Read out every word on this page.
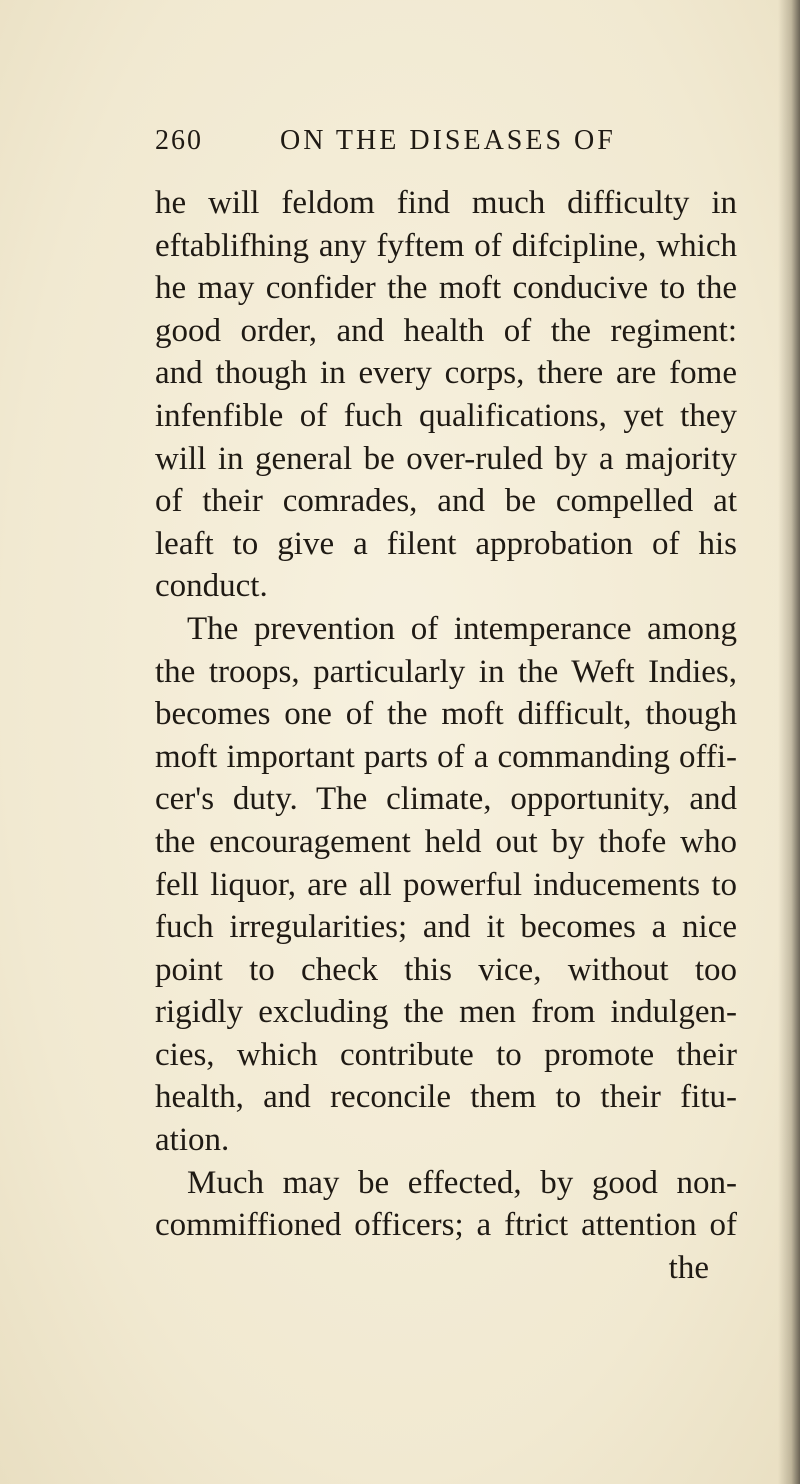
260	ON THE DISEASES OF
he will feldom find much difficulty in
eftablifhing any fyftem of difcipline, which
he may confider the moft conducive to the
good order, and health of the regiment:
and though in every corps, there are fome
infenfible of fuch qualifications, yet they
will in general be over-ruled by a majority
of their comrades, and be compelled at
leaft to give a filent approbation of his
conduct.
The prevention of intemperance among
the troops, particularly in the Weft Indies,
becomes one of the moft difficult, though
moft important parts of a commanding offi-
cer's duty. The climate, opportunity, and
the encouragement held out by thofe who
fell liquor, are all powerful inducements to
fuch irregularities; and it becomes a nice
point to check this vice, without too
rigidly excluding the men from indulgen-
cies, which contribute to promote their
health, and reconcile them to their fitu-
ation.
Much may be effected, by good non-
commiffioned officers; a ftrict attention of
the
